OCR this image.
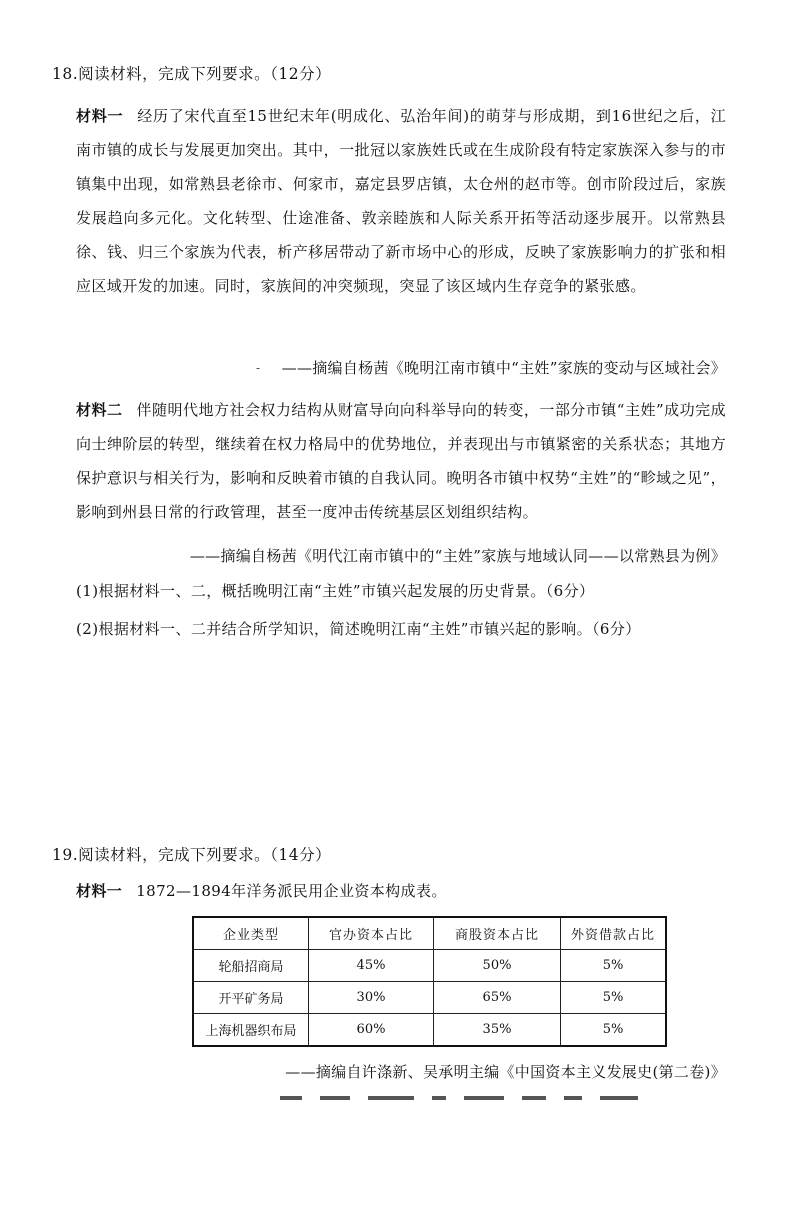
18.阅读材料，完成下列要求。（12分）
材料一 经历了宋代直至15世纪末年(明成化、弘治年间)的萌芽与形成期，到16世纪之后，江南市镇的成长与发展更加突出。其中，一批冠以家族姓氏或在生成阶段有特定家族深入参与的市镇集中出现，如常熟县老徐市、何家市，嘉定县罗店镇，太仓州的赵市等。创市阶段过后，家族发展趋向多元化。文化转型、仕途准备、敦亲睦族和人际关系开拓等活动逐步展开。以常熟县徐、钱、归三个家族为代表，析产移居带动了新市场中心的形成，反映了家族影响力的扩张和相应区域开发的加速。同时，家族间的冲突频现，突显了该区域内生存竞争的紧张感。
- ——摘编自杨茜《晚明江南市镇中“主姓”家族的变动与区域社会》
材料二 伴随明代地方社会权力结构从财富导向向科举导向的转变，一部分市镇“主姓”成功完成向士绅阶层的转型，继续着在权力格局中的优势地位，并表现出与市镇紧密的关系状态；其地方保护意识与相关行为，影响和反映着市镇的自我认同。晚明各市镇中权势“主姓”的“畛域之见”，影响到州县日常的行政管理，甚至一度冲击传统基层区划组织结构。
——摘编自杨茜《明代江南市镇中的“主姓”家族与地域认同——以常熟县为例》
(1)根据材料一、二，概括晚明江南“主姓”市镇兴起发展的历史背景。（6分）
(2)根据材料一、二并结合所学知识，简述晚明江南“主姓”市镇兴起的影响。（6分）
19.阅读材料，完成下列要求。（14分）
材料一 1872—1894年洋务派民用企业资本构成表。
企业类型	官办资本占比	商股资本占比	外资借款占比
轮船招商局	45%	50%	5%
开平矿务局	30%	65%	5%
上海机器织布局	60%	35%	5%
——摘编自许涤新、吴承明主编《中国资本主义发展史(第二卷)》
